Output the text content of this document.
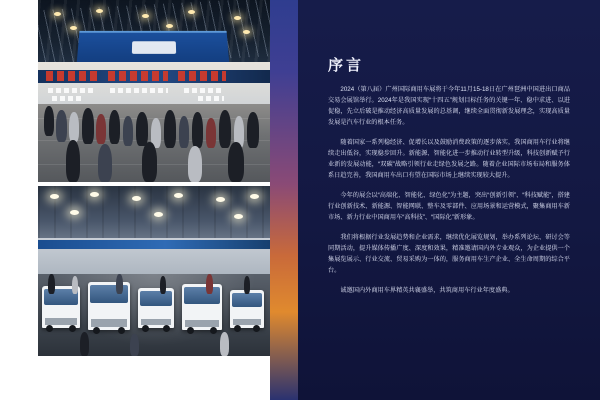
序言

2024（第八届）广州国际商用车展将于今年11月15-18日在广州琶洲中国进出口商品交易会展馆举行。2024年是我国实现“十四五”规划目标任务的关键一年、稳中求进、以进促稳，先立后破是推动经济高质量发展的总基调，继续全面贯彻新发展理念，实现高质量发展是汽车行业的根本任务。

随着国家一系列稳经济、促增长以及鼓励消费政策的逐步落实，我国商用车行业将继续走出低谷，实现稳步回升。新能源、智能化进一步推动行业转型升级，科技创新赋予行业新的发展动能，“双碳”战略引领行业走绿色发展之路。随着企业国际市场布局和服务体系日趋完善，我国商用车出口有望在国际市场上继续实现较大提升。

今年的展会以“高端化、智能化、绿色化”为主题，突出“创新引领”、“科技赋能”，搭建行业创新技术、新能源、智能网联、整车及零部件、应用场景和运营模式，聚集商用车新市场、新力行业中国商用车“高科技”、“国际化”新形象。

我们将根据行业发展趋势和企业需求，继续优化展览规划，举办系列论坛、研讨会等同期活动，提升媒体传播广度、深度和效果，精准邀请国内外专业观众，为企业提供一个集展览展示、行业交流、贸易采购为一体的，服务商用车生产企业、全生命周期的综合平台。

诚邀国内外商用车界精英共襄盛举，共筑商用车行业年度盛典。
